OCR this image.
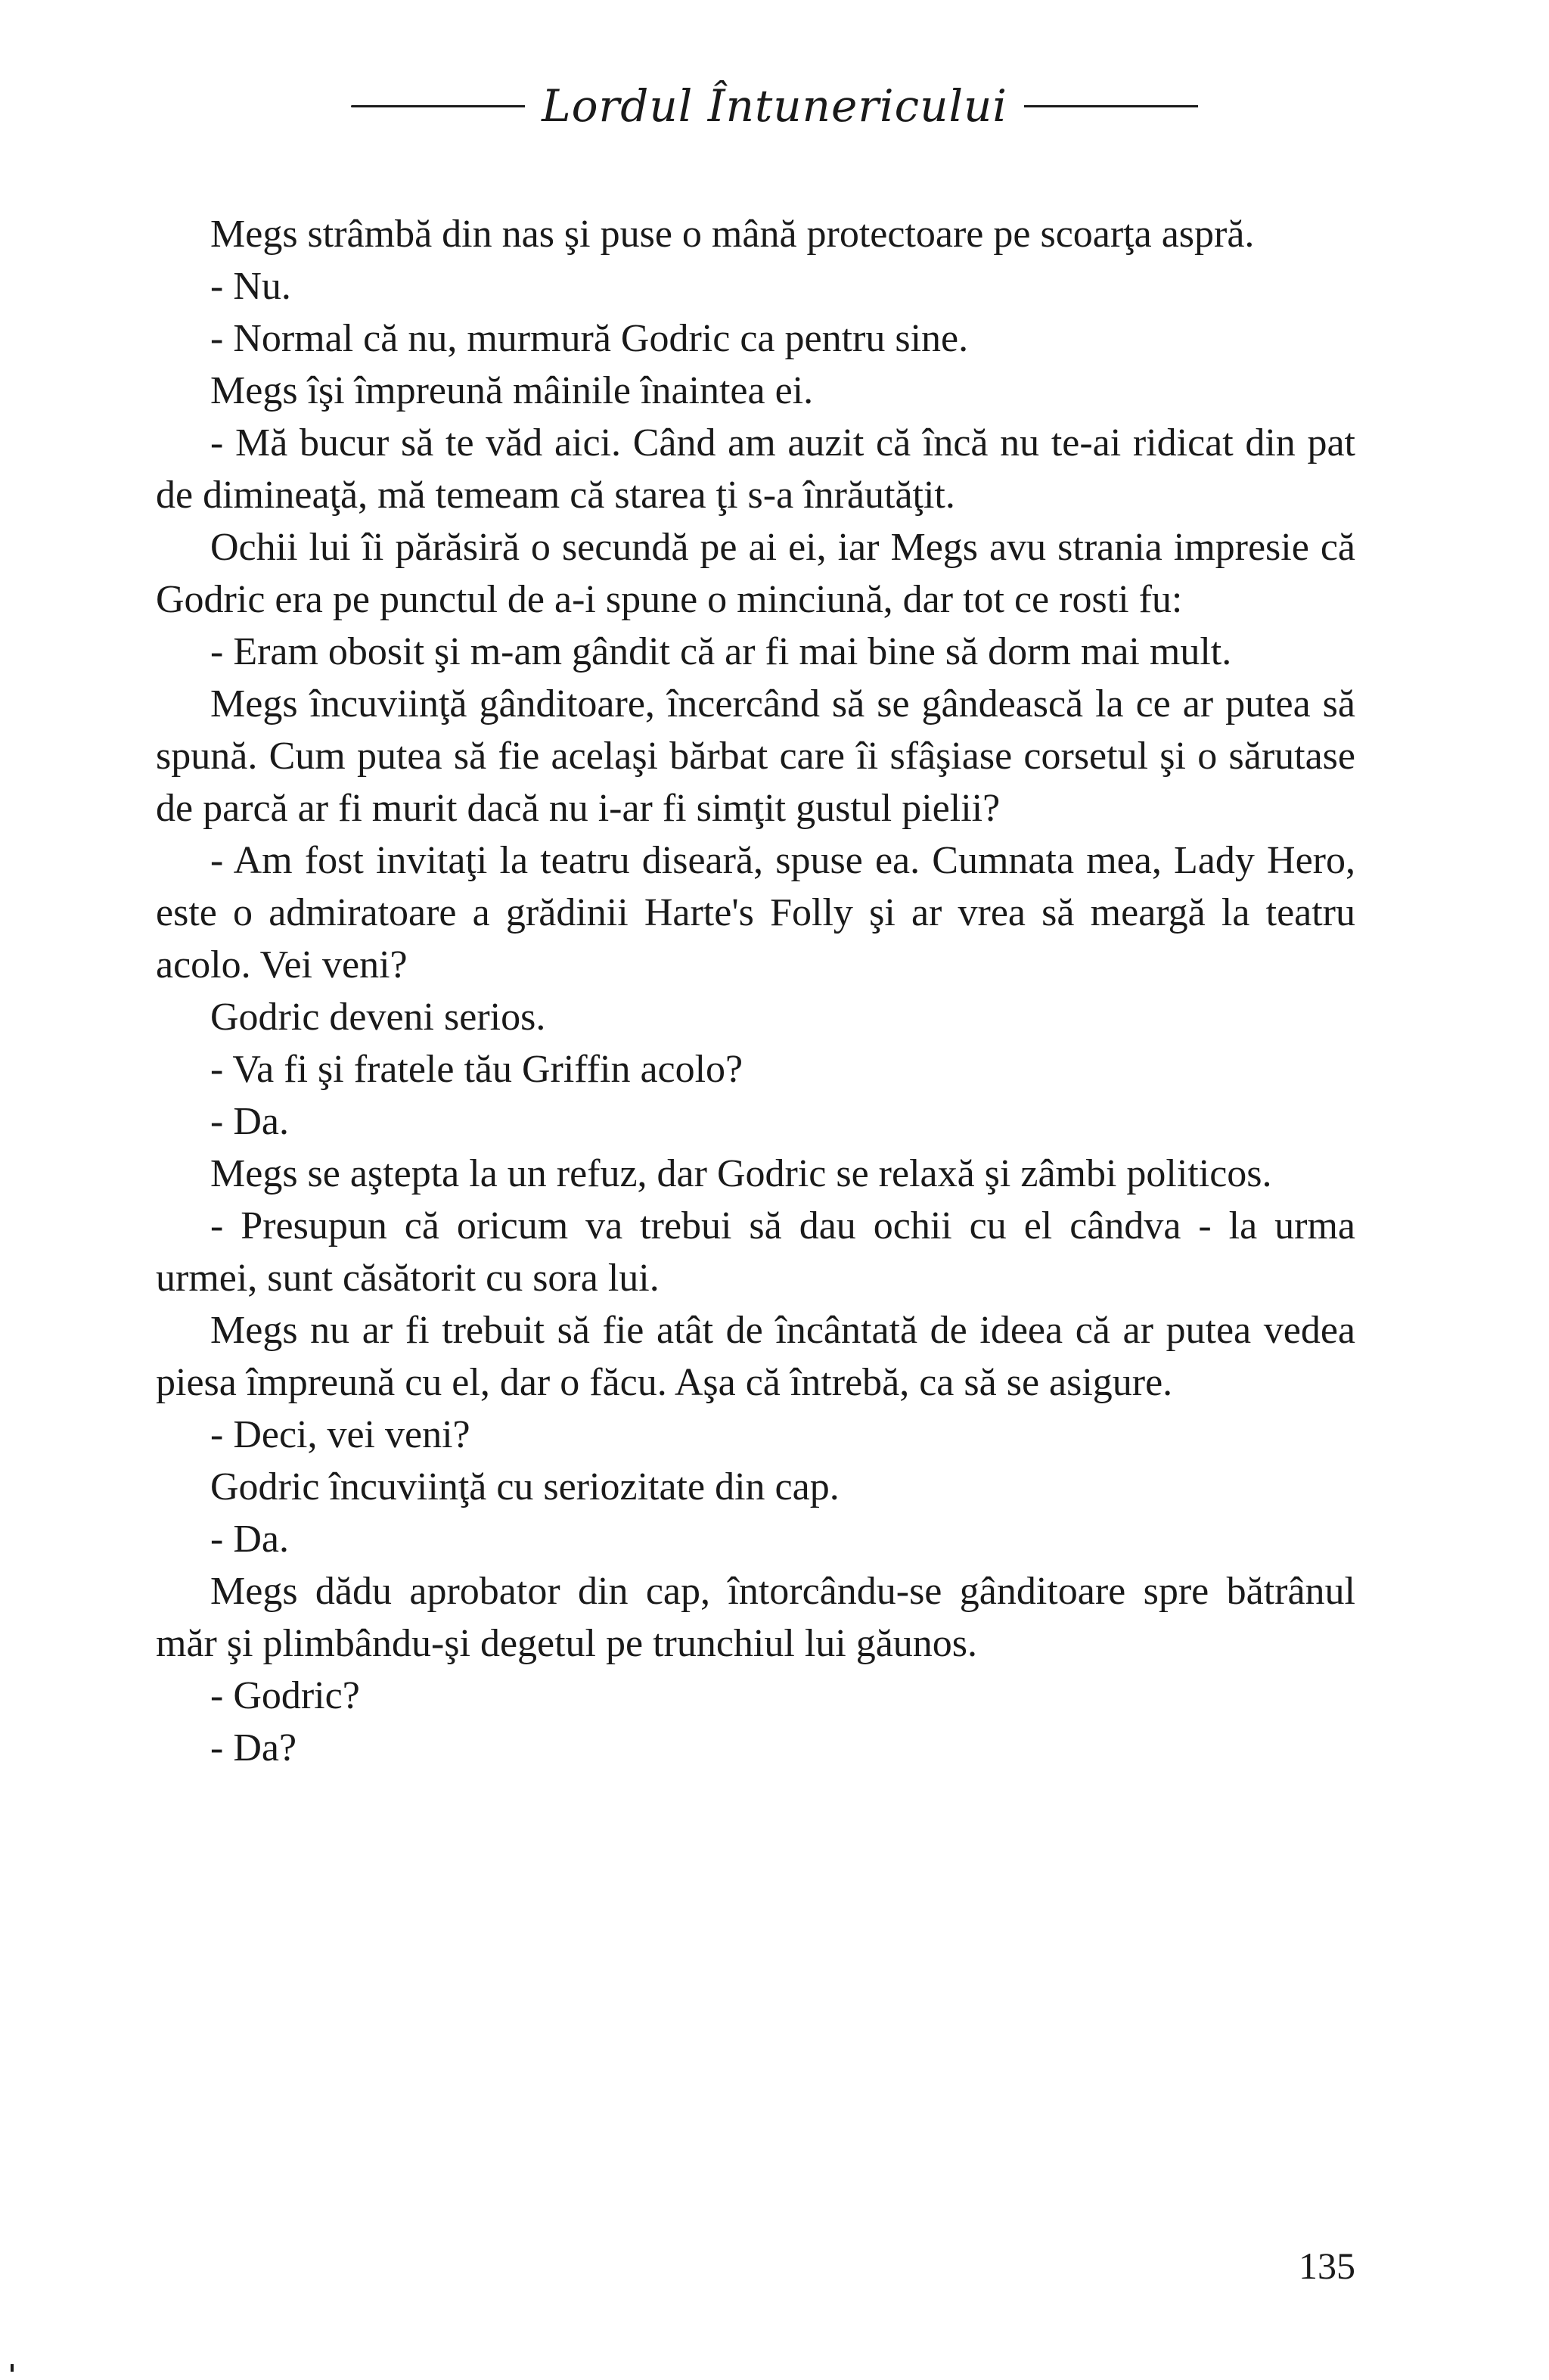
Lordul Întunericului

Megs strâmbă din nas şi puse o mână protectoare pe scoarţa aspră.

- Nu.

- Normal că nu, murmură Godric ca pentru sine.

Megs îşi împreună mâinile înaintea ei.

- Mă bucur să te văd aici. Când am auzit că încă nu te-ai ridicat din pat de dimineaţă, mă temeam că starea ţi s-a înrăutăţit.

Ochii lui îi părăsiră o secundă pe ai ei, iar Megs avu strania impresie că Godric era pe punctul de a-i spune o minciună, dar tot ce rosti fu:

- Eram obosit şi m-am gândit că ar fi mai bine să dorm mai mult.

Megs încuviinţă gânditoare, încercând să se gândească la ce ar putea să spună. Cum putea să fie acelaşi bărbat care îi sfâşiase corsetul şi o sărutase de parcă ar fi murit dacă nu i-ar fi simţit gustul pielii?

- Am fost invitaţi la teatru diseară, spuse ea. Cumnata mea, Lady Hero, este o admiratoare a grădinii Harte's Folly şi ar vrea să meargă la teatru acolo. Vei veni?

Godric deveni serios.

- Va fi şi fratele tău Griffin acolo?

- Da.

Megs se aştepta la un refuz, dar Godric se relaxă şi zâmbi politicos.

- Presupun că oricum va trebui să dau ochii cu el cândva - la urma urmei, sunt căsătorit cu sora lui.

Megs nu ar fi trebuit să fie atât de încântată de ideea că ar putea vedea piesa împreună cu el, dar o făcu. Aşa că întrebă, ca să se asigure.

- Deci, vei veni?

Godric încuviinţă cu seriozitate din cap.

- Da.

Megs dădu aprobator din cap, întorcându-se gânditoare spre bătrânul măr şi plimbându-şi degetul pe trunchiul lui găunos.

- Godric?

- Da?

135
